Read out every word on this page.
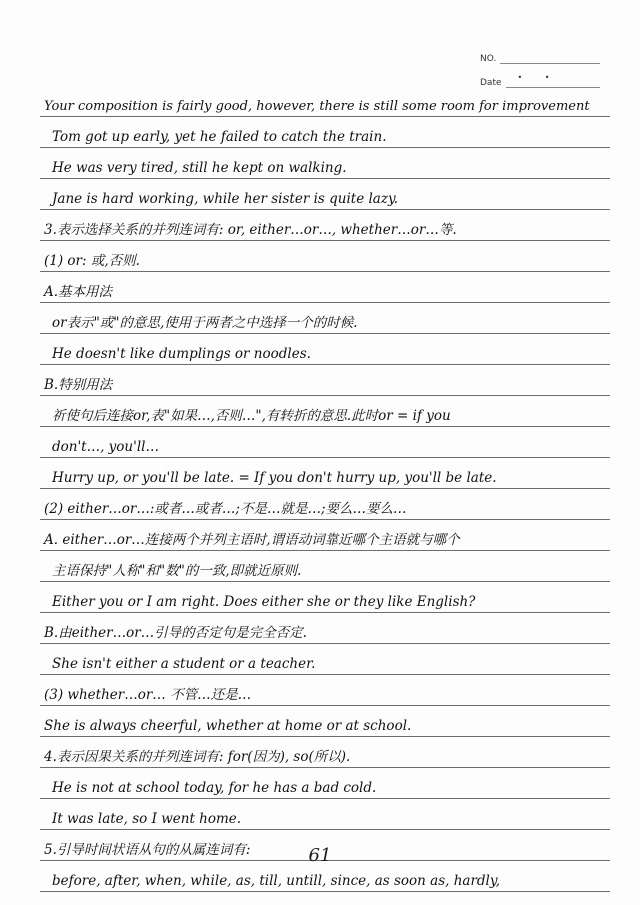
NO.
Date
• •
Your composition is fairly good, however, there is still some room for improvement
Tom got up early, yet he failed to catch the train.
He was very tired, still he kept on walking.
Jane is hard working, while her sister is quite lazy.
3.表示选择关系的并列连词有: or, either…or…, whether…or…等.
(1) or: 或,否则.
A.基本用法
or表示"或"的意思,使用于两者之中选择一个的时候.
He doesn't like dumplings or noodles.
B.特别用法
祈使句后连接or,表"如果…,否则…",有转折的意思.此时or = if you
don't…, you'll…
Hurry up, or you'll be late. = If you don't hurry up, you'll be late.
(2) either…or…:或者…或者…;不是…就是…;要么…要么…
A. either…or…连接两个并列主语时,谓语动词靠近哪个主语就与哪个
主语保持"人称"和"数"的一致,即就近原则.
Either you or I am right. Does either she or they like English?
B.由either…or…引导的否定句是完全否定.
She isn't either a student or a teacher.
(3) whether…or… 不管…还是…
She is always cheerful, whether at home or at school.
4.表示因果关系的并列连词有: for(因为), so(所以).
He is not at school today, for he has a bad cold.
It was late, so I went home.
5.引导时间状语从句的从属连词有:
before, after, when, while, as, till, untill, since, as soon as, hardly,
61
